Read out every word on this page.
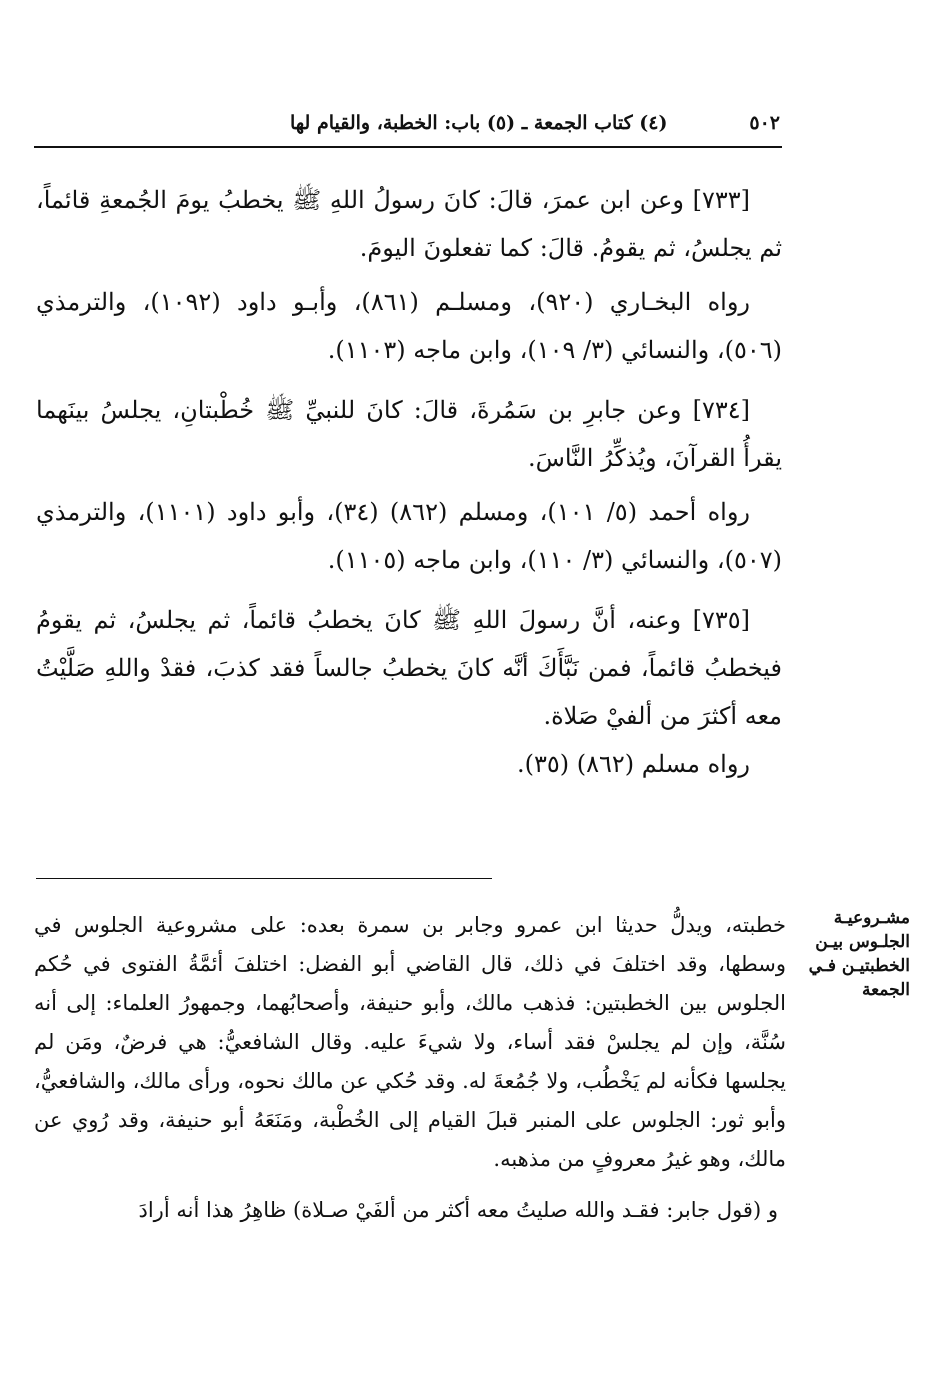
(٤) كتاب الجمعة ـ (٥) باب: الخطبة، والقيام لها	٥٠٢

[٧٣٣] وعن ابن عمرَ، قالَ: كانَ رسولُ اللهِ ﷺ يخطبُ يومَ الجُمعةِ قائماً، ثم يجلسُ، ثم يقومُ. قالَ: كما تفعلونَ اليومَ.

رواه البخـاري (٩٢٠)، ومسلـم (٨٦١)، وأبـو داود (١٠٩٢)، والترمذي (٥٠٦)، والنسائي (٣/ ١٠٩)، وابن ماجه (١١٠٣).

[٧٣٤] وعن جابرِ بن سَمُرةَ، قالَ: كانَ للنبيِّ ﷺ خُطْبتانِ، يجلسُ بينَهما يقرأُ القرآنَ، ويُذكِّرُ النَّاسَ.

رواه أحمد (٥/ ١٠١)، ومسلم (٨٦٢) (٣٤)، وأبو داود (١١٠١)، والترمذي (٥٠٧)، والنسائي (٣/ ١١٠)، وابن ماجه (١١٠٥).

[٧٣٥] وعنه، أنَّ رسولَ اللهِ ﷺ كانَ يخطبُ قائماً، ثم يجلسُ، ثم يقومُ فيخطبُ قائماً، فمن نَبَّأَكَ أنَّه كانَ يخطبُ جالساً فقد كذبَ، فقدْ واللهِ صَلَّيْتُ معه أكثرَ من ألفيْ صَلاة.

رواه مسلم (٨٦٢) (٣٥).

مشـروعيـة الجلـوس بيـن الخطبتيـن فـي الجمعة

خطبته، ويدلُّ حديثا ابن عمرو وجابر بن سمرة بعده: على مشروعية الجلوس في وسطها، وقد اختلفَ في ذلك، قال القاضي أبو الفضل: اختلفَ أئمَّةُ الفتوى في حُكم الجلوس بين الخطبتين: فذهب مالك، وأبو حنيفة، وأصحابُهما، وجمهورُ العلماء: إلى أنه سُنَّة، وإن لم يجلسْ فقد أساء، ولا شيءَ عليه. وقال الشافعيُّ: هي فرضٌ، ومَن لم يجلسها فكأنه لم يَخْطُب، ولا جُمُعةَ له. وقد حُكي عن مالك نحوه، ورأى مالك، والشافعيُّ، وأبو ثور: الجلوس على المنبر قبلَ القيام إلى الخُطْبة، ومَنَعَهُ أبو حنيفة، وقد رُوي عن مالك، وهو غيرُ معروفٍ من مذهبه.

و (قول جابر: فقـد والله صليتُ معه أكثر من ألفَيْ صـلاة) ظاهِرُ هذا أنه أرادَ
